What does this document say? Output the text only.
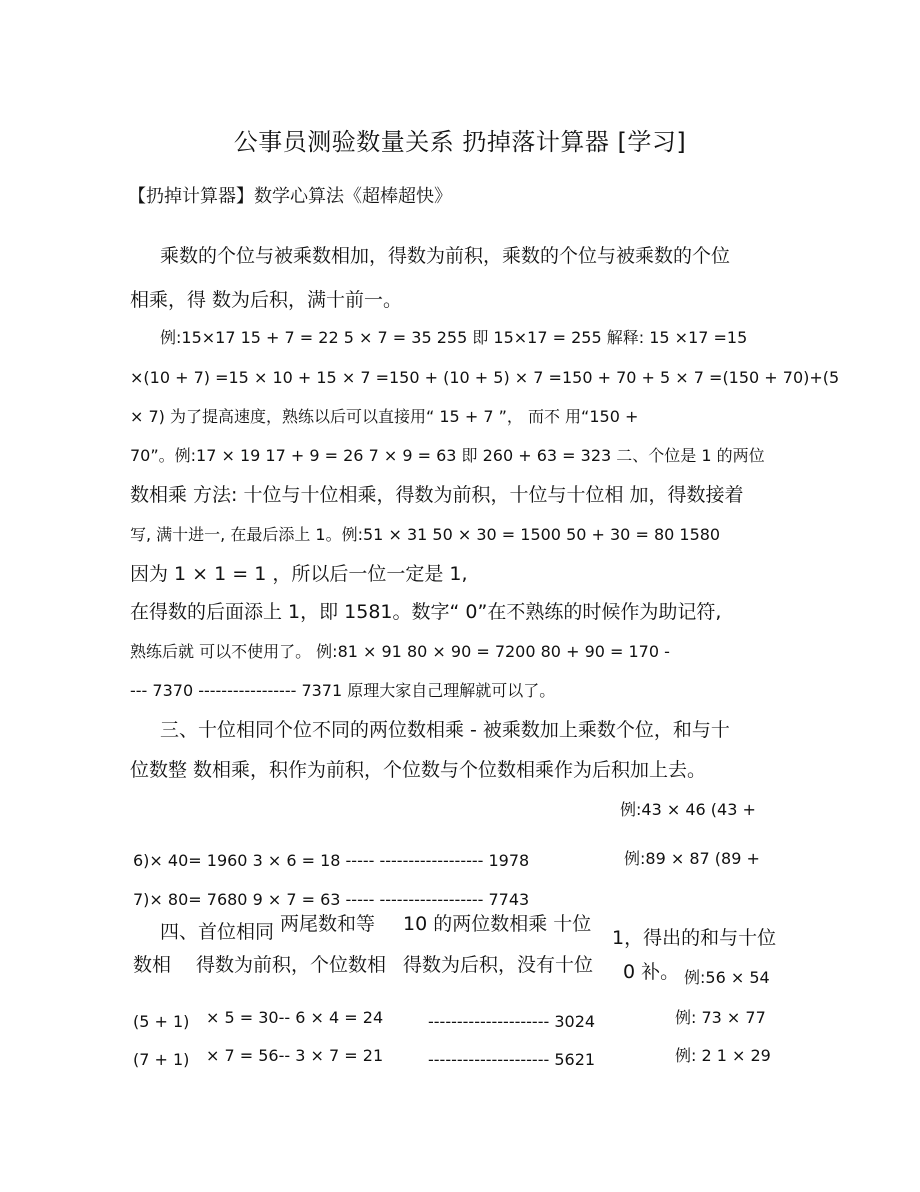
公事员测验数量关系 扔掉落计算器 [学习]
【扔掉计算器】数学心算法《超棒超快》
乘数的个位与被乘数相加，得数为前积，乘数的个位与被乘数的个位
相乘，得 数为后积，满十前一。
例:15×17 15 + 7 = 22 5 × 7 = 35 255 即 15×17 = 255 解释: 15 ×17 =15
×(10 + 7) =15 × 10 + 15 × 7 =150 + (10 + 5) × 7 =150 + 70 + 5 × 7 =(150 + 70)+(5
× 7) 为了提高速度，熟练以后可以直接用“ 15 + 7 ”， 而不 用“150 +
70”。例:17 × 19 17 + 9 = 26 7 × 9 = 63 即 260 + 63 = 323 二、个位是 1 的两位
数相乘 方法: 十位与十位相乘，得数为前积，十位与十位相 加，得数接着
写, 满十进一, 在最后添上 1。例:51 × 31 50 × 30 = 1500 50 + 30 = 80 1580
因为 1 × 1 = 1 ，所以后一位一定是 1,
在得数的后面添上 1，即 1581。数字“ 0”在不熟练的时候作为助记符,
熟练后就 可以不使用了。 例:81 × 91 80 × 90 = 7200 80 + 90 = 170 -
--- 7370 ----------------- 7371 原理大家自己理解就可以了。
三、十位相同个位不同的两位数相乘 - 被乘数加上乘数个位，和与十
位数整 数相乘，积作为前积，个位数与个位数相乘作为后积加上去。
例:43 × 46 (43 +
6)× 40= 1960 3 × 6 = 18 ----- ------------------ 1978	例:89 × 87 (89 +
7)× 80= 7680 9 × 7 = 63 ----- ------------------ 7743
四、首位相同 两尾数和等 10 的两位数相乘 十位
1，得出的和与十位
数相 得数为前积，个位数相 得数为后积，没有十位 0 补。 例:56 × 54
(5 + 1) × 5 = 30-- 6 × 4 = 24	--------------------- 3024	例: 73 × 77
(7 + 1) × 7 = 56-- 3 × 7 = 21	--------------------- 5621	例: 2 1 × 29
